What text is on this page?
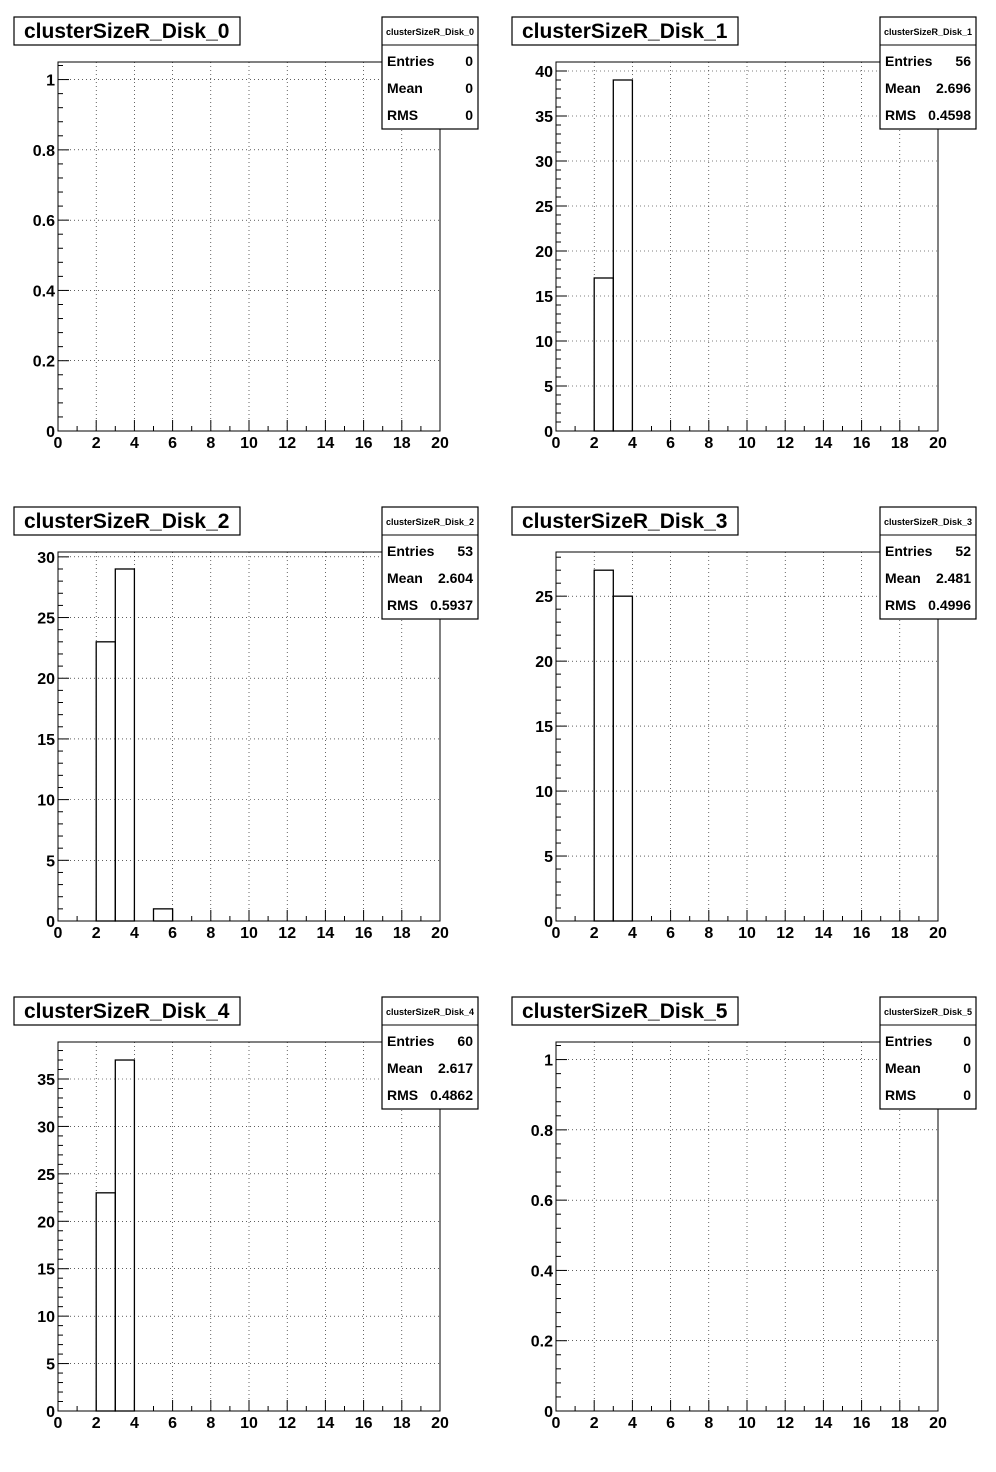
0 2 4 6 8 10 12 14 16 18 20
0
0.2
0.4
0.6
0.8
1
clusterSizeR_Disk_0	clusterSizeR_Disk_0
Entries 0
Mean	0
RMS	0
0 2 4 6 8 10 12 14 16 18 20
0
5
10
15
20
25
30
35
40
clusterSizeR_Disk_1	clusterSizeR_Disk_1
Entries 56
Mean 2.696
RMS 0.4598
0 2 4 6 8 10 12 14 16 18 20
0
5
10
15
20
25
30
clusterSizeR_Disk_2	clusterSizeR_Disk_2
Entries 53
Mean 2.604
RMS 0.5937
0 2 4 6 8 10 12 14 16 18 20
0
5
10
15
20
25
clusterSizeR_Disk_3	clusterSizeR_Disk_3
Entries 52
Mean 2.481
RMS 0.4996
0 2 4 6 8 10 12 14 16 18 20
0
5
10
15
20
25
30
35
clusterSizeR_Disk_4	clusterSizeR_Disk_4
Entries 60
Mean 2.617
RMS 0.4862
0 2 4 6 8 10 12 14 16 18 20
0
0.2
0.4
0.6
0.8
1
clusterSizeR_Disk_5	clusterSizeR_Disk_5
Entries 0
Mean	0
RMS	0
